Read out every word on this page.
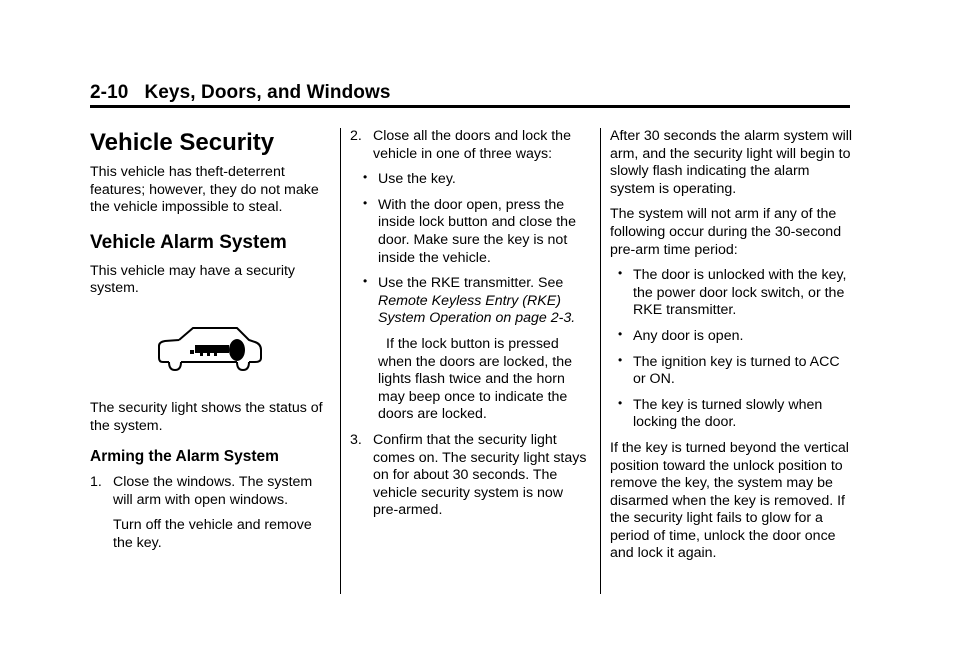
2-10 Keys, Doors, and Windows
Vehicle Security

This vehicle has theft-deterrent features; however, they do not make the vehicle impossible to steal.

Vehicle Alarm System

This vehicle may have a security system.

The security light shows the status of the system.

Arming the Alarm System
1. Close the windows. The system will arm with open windows.

Turn off the vehicle and remove the key.

2. Close all the doors and lock the vehicle in one of three ways:
• Use the key.
• With the door open, press the inside lock button and close the door. Make sure the key is not inside the vehicle.
• Use the RKE transmitter. See
Remote Keyless Entry (RKE) System Operation on page 2-3.

If the lock button is pressed when the doors are locked, the lights flash twice and the horn may beep once to indicate the doors are locked.

3. Confirm that the security light comes on. The security light stays on for about 30 seconds. The vehicle security system is now pre-armed.

After 30 seconds the alarm system will arm, and the security light will begin to slowly flash indicating the alarm system is operating.

The system will not arm if any of the following occur during the 30-second pre-arm time period:

• The door is unlocked with the key, the power door lock switch, or the RKE transmitter.
• Any door is open.
• The ignition key is turned to ACC or ON.
• The key is turned slowly when locking the door.

If the key is turned beyond the vertical position toward the unlock position to remove the key, the system may be disarmed when the key is removed. If the security light fails to glow for a period of time, unlock the door once and lock it again.
